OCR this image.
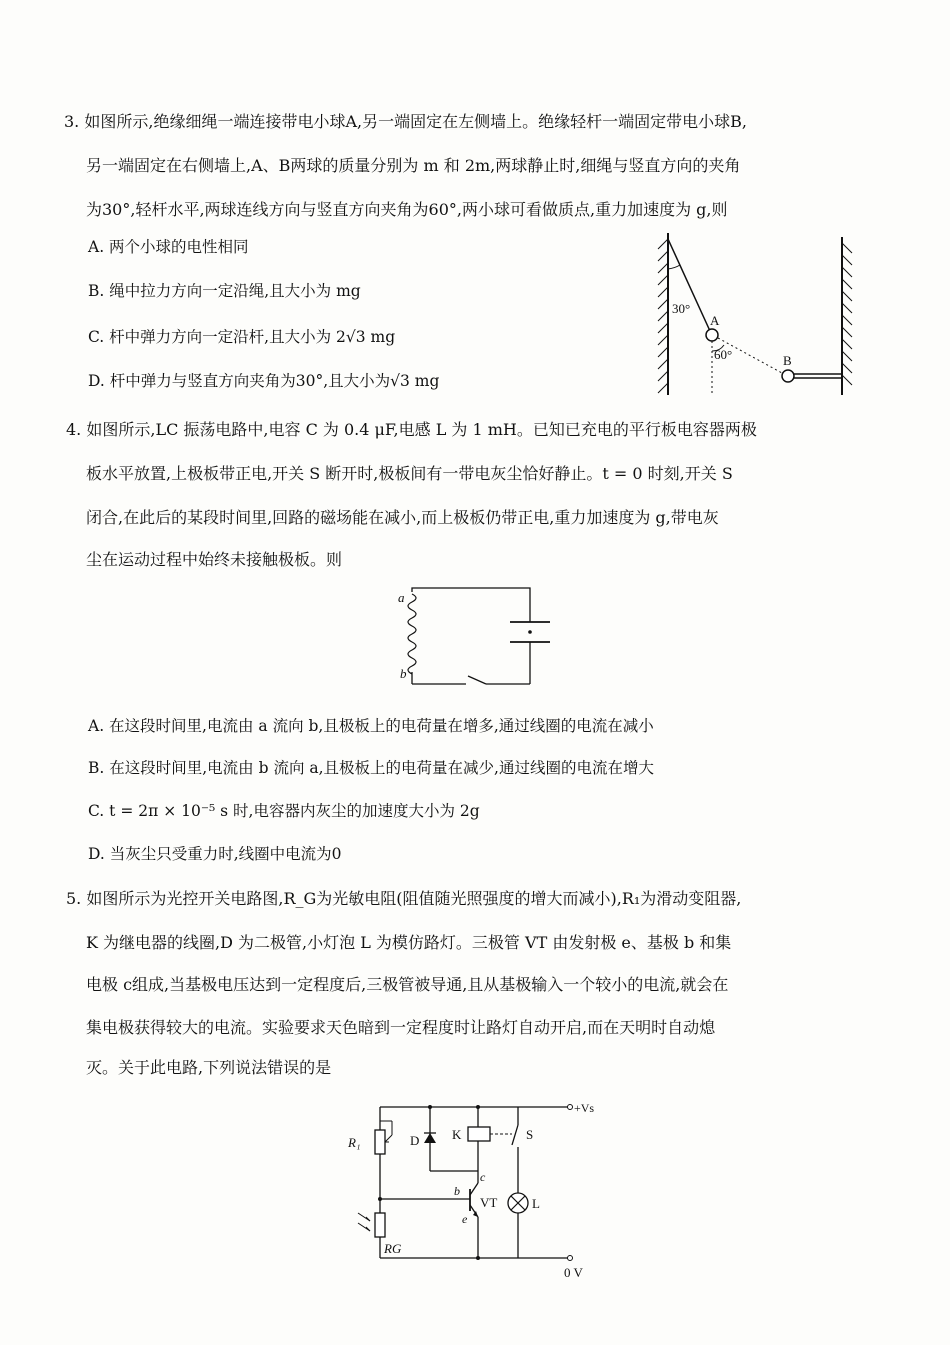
3. 如图所示,绝缘细绳一端连接带电小球A,另一端固定在左侧墙上。绝缘轻杆一端固定带电小球B,
另一端固定在右侧墙上,A、B两球的质量分别为 m 和 2m,两球静止时,细绳与竖直方向的夹角
为30°,轻杆水平,两球连线方向与竖直方向夹角为60°,两小球可看做质点,重力加速度为 g,则
A. 两个小球的电性相同
B. 绳中拉力方向一定沿绳,且大小为 mg
C. 杆中弹力方向一定沿杆,且大小为 2√3 mg
D. 杆中弹力与竖直方向夹角为30°,且大小为√3 mg
30°
A
60°	B
4. 如图所示,LC 振荡电路中,电容 C 为 0.4 μF,电感 L 为 1 mH。已知已充电的平行板电容器两极
板水平放置,上极板带正电,开关 S 断开时,极板间有一带电灰尘恰好静止。t = 0 时刻,开关 S
闭合,在此后的某段时间里,回路的磁场能在减小,而上极板仍带正电,重力加速度为 g,带电灰
尘在运动过程中始终未接触极板。则
a
b
A. 在这段时间里,电流由 a 流向 b,且极板上的电荷量在增多,通过线圈的电流在减小
B. 在这段时间里,电流由 b 流向 a,且极板上的电荷量在减少,通过线圈的电流在增大
C. t = 2π × 10⁻⁵ s 时,电容器内灰尘的加速度大小为 2g
D. 当灰尘只受重力时,线圈中电流为0
5. 如图所示为光控开关电路图,R_G为光敏电阻(阻值随光照强度的增大而减小),R₁为滑动变阻器,
K 为继电器的线圈,D 为二极管,小灯泡 L 为模仿路灯。三极管 VT 由发射极 e、基极 b 和集
电极 c组成,当基极电压达到一定程度后,三极管被导通,且从基极输入一个较小的电流,就会在
集电极获得较大的电流。实验要求天色暗到一定程度时让路灯自动开启,而在天明时自动熄
灭。关于此电路,下列说法错误的是
+Vs
0 V
R₁
RG
b
c
e
VT
D	K	S
L
